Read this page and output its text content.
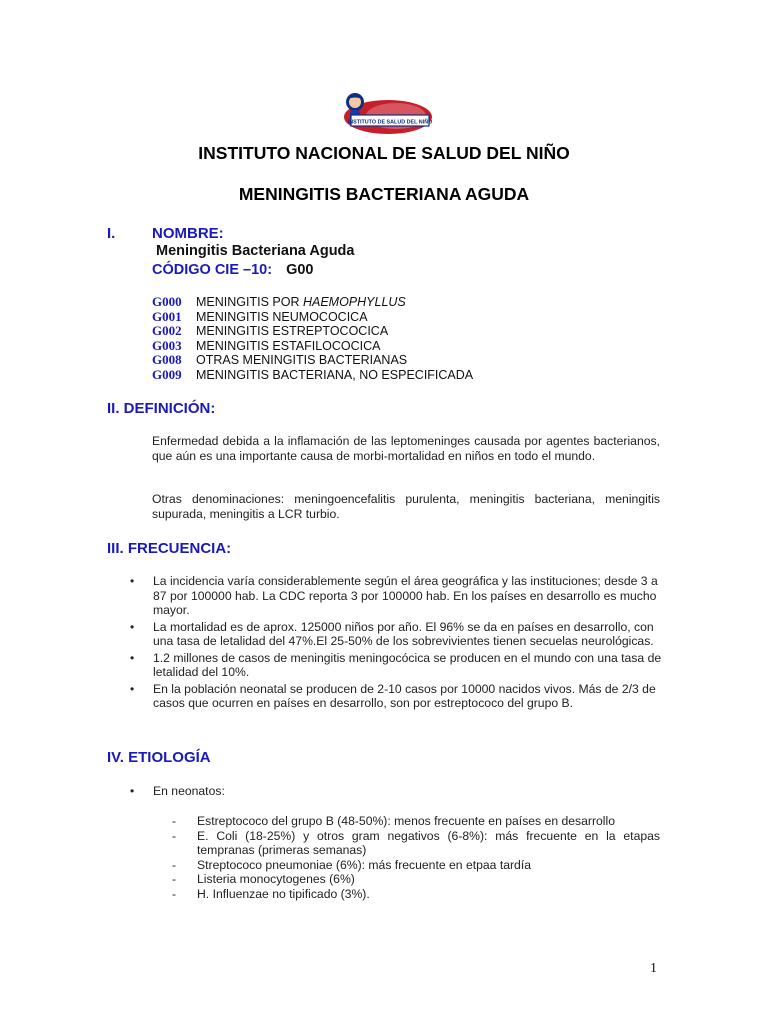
INSTITUTO DE SALUD DEL NIÑO
INSTITUTO NACIONAL DE SALUD DEL NIÑO
MENINGITIS BACTERIANA AGUDA
I. NOMBRE:
Meningitis Bacteriana Aguda
CÓDIGO CIE –10: G00
G000 MENINGITIS POR HAEMOPHYLLUS
G001 MENINGITIS NEUMOCOCICA
G002 MENINGITIS ESTREPTOCOCICA
G003 MENINGITIS ESTAFILOCOCICA
G008 OTRAS MENINGITIS BACTERIANAS
G009 MENINGITIS BACTERIANA, NO ESPECIFICADA
II. DEFINICIÓN:
Enfermedad debida a la inflamación de las leptomeninges causada por agentes bacterianos, que aún es una importante causa de morbi-mortalidad en niños en todo el mundo.
Otras denominaciones: meningoencefalitis purulenta, meningitis bacteriana, meningitis supurada, meningitis a LCR turbio.
III. FRECUENCIA:
• La incidencia varía considerablemente según el área geográfica y las instituciones; desde 3 a 87 por 100000 hab. La CDC reporta 3 por 100000 hab. En los países en desarrollo es mucho mayor.
• La mortalidad es de aprox. 125000 niños por año. El 96% se da en países en desarrollo, con una tasa de letalidad del 47%.El 25-50% de los sobrevivientes tienen secuelas neurológicas.
• 1.2 millones de casos de meningitis meningocócica se producen en el mundo con una tasa de letalidad del 10%.
• En la población neonatal se producen de 2-10 casos por 10000 nacidos vivos. Más de 2/3 de casos que ocurren en países en desarrollo, son por estreptococo del grupo B.
IV. ETIOLOGÍA
• En neonatos:
- Estreptococo del grupo B (48-50%): menos frecuente en países en desarrollo
- E. Coli (18-25%) y otros gram negativos (6-8%): más frecuente en la etapas tempranas (primeras semanas)
- Streptococo pneumoniae (6%): más frecuente en etpaa tardía
- Listeria monocytogenes (6%)
- H. Influenzae no tipificado (3%).
1
